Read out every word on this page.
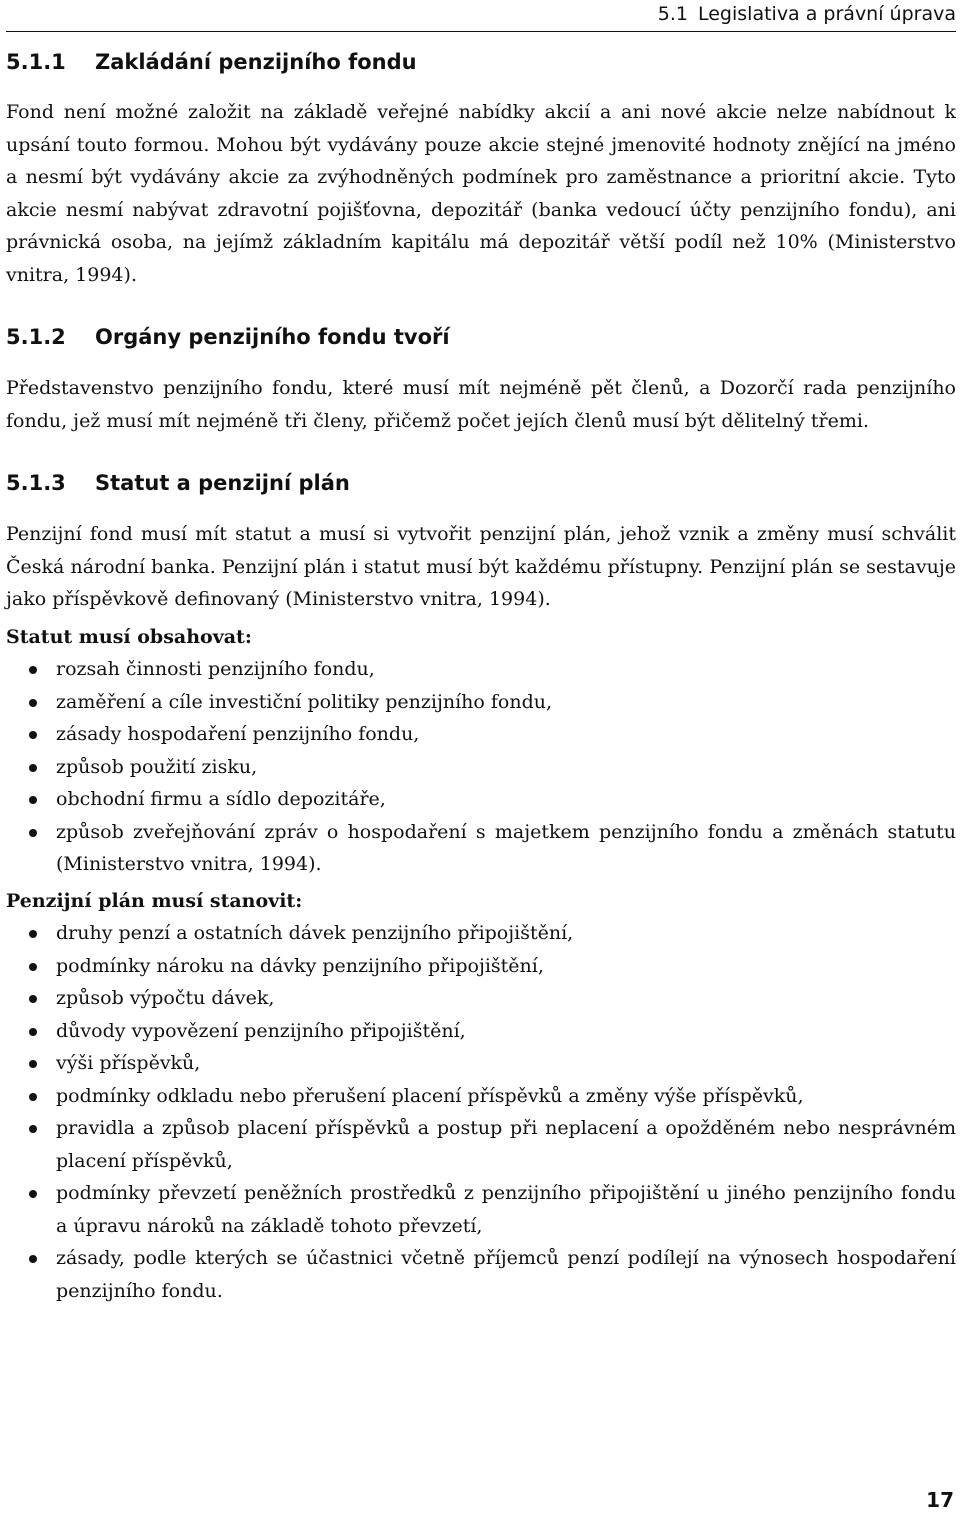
5.1 Legislativa a právní úprava
5.1.1 Zakládání penzijního fondu

Fond není možné založit na základě veřejné nabídky akcií a ani nové akcie nelze nabídnout k upsání touto formou. Mohou být vydávány pouze akcie stejné jmenovité hodnoty znějící na jméno a nesmí být vydávány akcie za zvýhodněných podmínek pro zaměstnance a prioritní akcie. Tyto akcie nesmí nabývat zdravotní pojišťovna, depozitář (banka vedoucí účty penzijního fondu), ani právnická osoba, na jejímž základním kapitálu má depozitář větší podíl než 10% (Ministerstvo vnitra, 1994).

5.1.2 Orgány penzijního fondu tvoří

Představenstvo penzijního fondu, které musí mít nejméně pět členů, a Dozorčí rada penzijního fondu, jež musí mít nejméně tři členy, přičemž počet jejích členů musí být dělitelný třemi.

5.1.3 Statut a penzijní plán

Penzijní fond musí mít statut a musí si vytvořit penzijní plán, jehož vznik a změny musí schválit Česká národní banka. Penzijní plán i statut musí být každému přístupny. Penzijní plán se sestavuje jako příspěvkově definovaný (Ministerstvo vnitra, 1994).

Statut musí obsahovat:
rozsah činnosti penzijního fondu,
zaměření a cíle investiční politiky penzijního fondu,
zásady hospodaření penzijního fondu,
způsob použití zisku,
obchodní firmu a sídlo depozitáře,
způsob zveřejňování zpráv o hospodaření s majetkem penzijního fondu a změnách statutu (Ministerstvo vnitra, 1994).
Penzijní plán musí stanovit:
druhy penzí a ostatních dávek penzijního připojištění,
podmínky nároku na dávky penzijního připojištění,
způsob výpočtu dávek,
důvody vypovězení penzijního připojištění,
výši příspěvků,
podmínky odkladu nebo přerušení placení příspěvků a změny výše příspěvků,
pravidla a způsob placení příspěvků a postup při neplacení a opožděném nebo nesprávném placení příspěvků,
podmínky převzetí peněžních prostředků z penzijního připojištění u jiného penzijního fondu a úpravu nároků na základě tohoto převzetí,
zásady, podle kterých se účastnici včetně příjemců penzí podílejí na výnosech hospodaření penzijního fondu.
17
